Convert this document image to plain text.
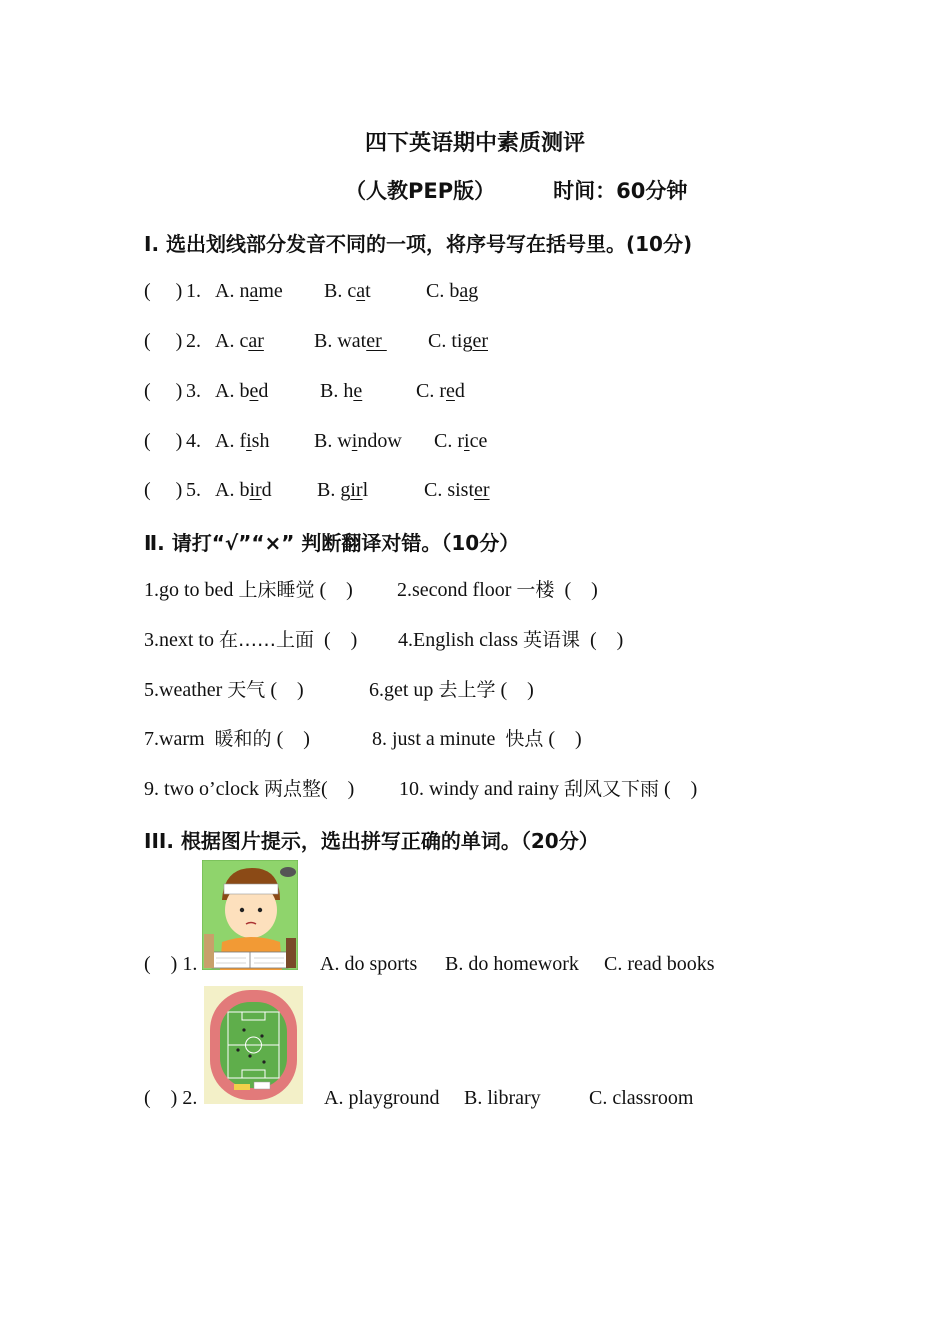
四下英语期中素质测评
（人教PEP版）	时间：60分钟
I. 选出划线部分发音不同的一项，将序号写在括号里。(10分)
(     ) 1. A. name B. cat	C. bag
(     ) 2. A. car	B. water C. tiger
(     ) 3. A. bed	B. he	C. red
(     ) 4. A. fish B. window C. rice
(     ) 5. A. bird B. girl	C. sister
Ⅱ. 请打“√”“×” 判断翻译对错。（10分）
1.go to bed 上床睡觉 (    ) 2.second floor 一楼  (    )
3.next to 在……上面  (    ) 4.English class 英语课  (    )
5.weather 天气 (    )	6.get up 去上学 (    )
7.warm  暖和的 (    )	8. just a minute  快点 (    )
9. two o’clock 两点整(    ) 10. windy and rainy 刮风又下雨 (    )
III. 根据图片提示，选出拼写正确的单词。（20分）

(    ) 1.

	A. do sports

B. do homework

C. read books

(    ) 2.

	A. playground

B. library

C. classroom
